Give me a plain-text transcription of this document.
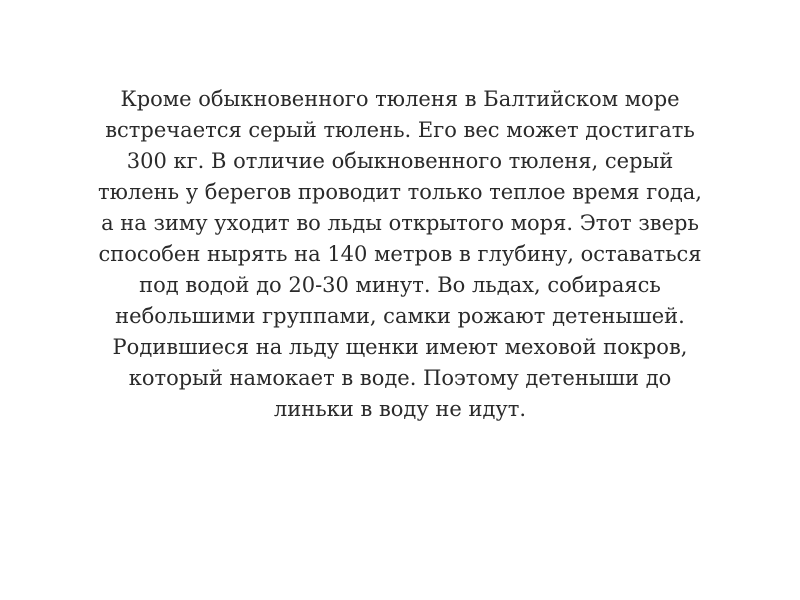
Кроме обыкновенного тюленя в Балтийском море
встречается серый тюлень. Его вес может достигать
300 кг. В отличие обыкновенного тюленя, серый
тюлень у берегов проводит только теплое время года,
а на зиму уходит во льды открытого моря. Этот зверь
способен нырять на 140 метров в глубину, оставаться
под водой до 20-30 минут. Во льдах, собираясь
небольшими группами, самки рожают детенышей.
Родившиеся на льду щенки имеют меховой покров,
который намокает в воде. Поэтому детеныши до
линьки в воду не идут.
